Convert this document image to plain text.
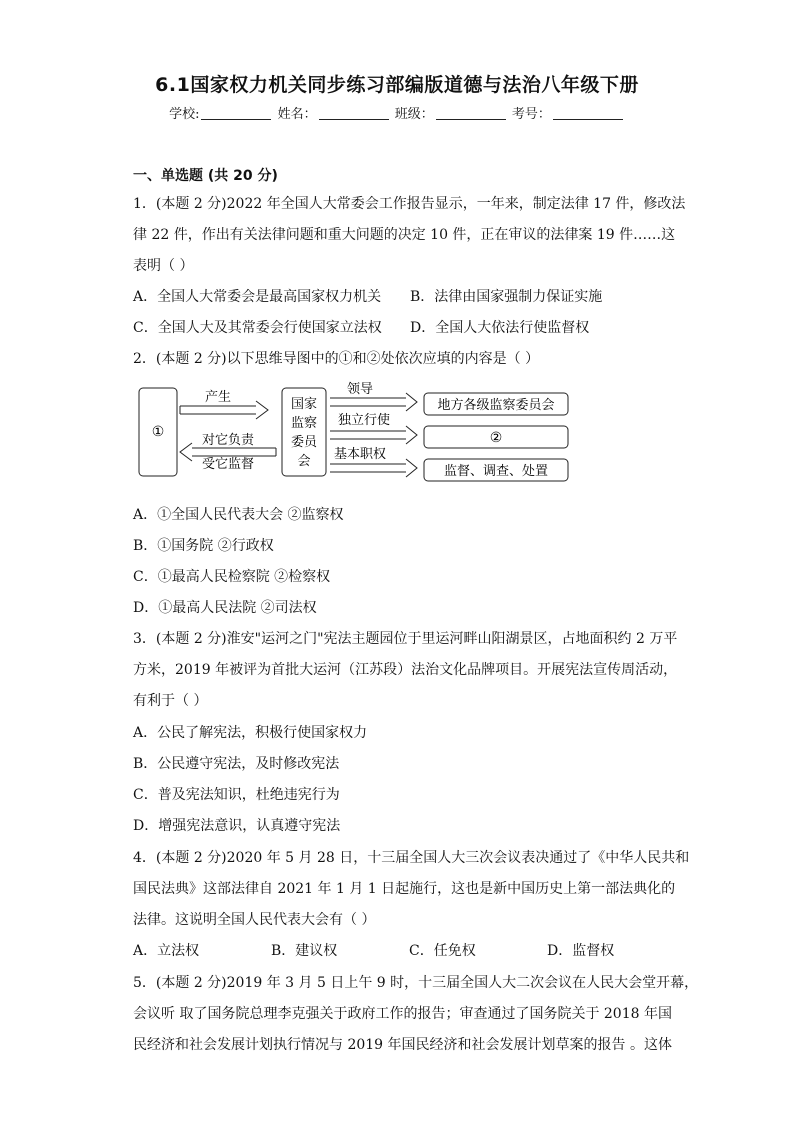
6.1国家权力机关同步练习部编版道德与法治八年级下册
学校:	姓名：	班级：	考号：
一、单选题 (共 20 分)
1．(本题 2 分)2022 年全国人大常委会工作报告显示，一年来，制定法律 17 件，修改法
律 22 件，作出有关法律问题和重大问题的决定 10 件，正在审议的法律案 19 件……这
表明（ ）
A．全国人大常委会是最高国家权力机关 B．法律由国家强制力保证实施
C．全国人大及其常委会行使国家立法权 D．全国人大依法行使监督权
2．(本题 2 分)以下思维导图中的①和②处依次应填的内容是（ ）
①
产生
对它负责
受它监督
国家
监察
委员
会
领导
独立行使
基本职权
地方各级监察委员会
②
监督、调查、处置
A．①全国人民代表大会 ②监察权
B．①国务院 ②行政权
C．①最高人民检察院 ②检察权
D．①最高人民法院 ②司法权
3．(本题 2 分)淮安"运河之门"宪法主题园位于里运河畔山阳湖景区，占地面积约 2 万平
方米，2019 年被评为首批大运河（江苏段）法治文化品牌项目。开展宪法宣传周活动，
有利于（ ）
A．公民了解宪法，积极行使国家权力
B．公民遵守宪法，及时修改宪法
C．普及宪法知识，杜绝违宪行为
D．增强宪法意识，认真遵守宪法
4．(本题 2 分)2020 年 5 月 28 日，十三届全国人大三次会议表决通过了《中华人民共和
国民法典》这部法律自 2021 年 1 月 1 日起施行，这也是新中国历史上第一部法典化的
法律。这说明全国人民代表大会有（ ）
A．立法权	B．建议权	C．任免权	D．监督权
5．(本题 2 分)2019 年 3 月 5 日上午 9 时，十三届全国人大二次会议在人民大会堂开幕，
会议听 取了国务院总理李克强关于政府工作的报告；审查通过了国务院关于 2018 年国
民经济和社会发展计划执行情况与 2019 年国民经济和社会发展计划草案的报告 。这体
